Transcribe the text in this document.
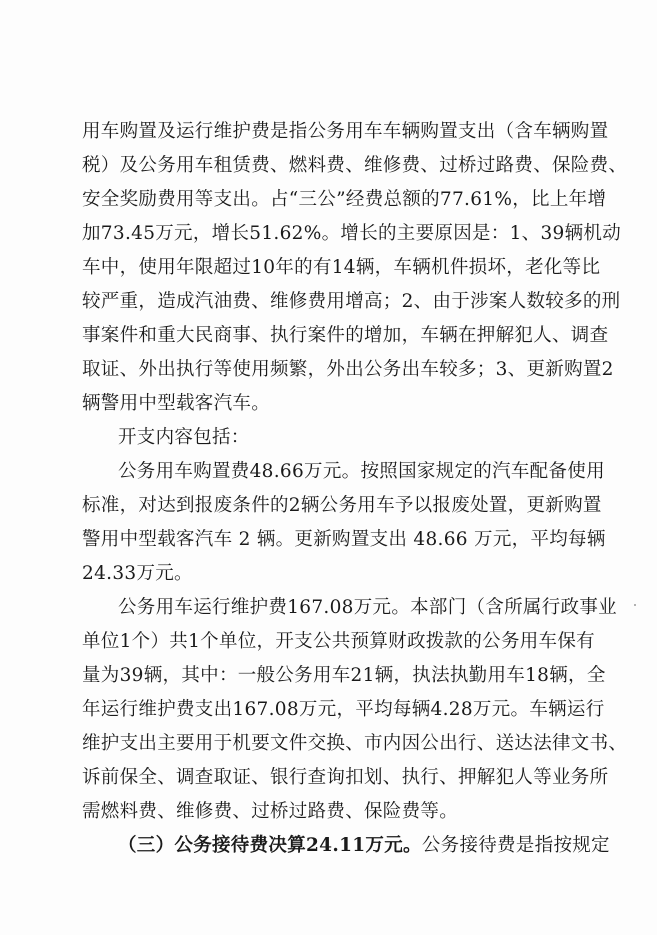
用车购置及运行维护费是指公务用车车辆购置支出（含车辆购置
税）及公务用车租赁费、燃料费、维修费、过桥过路费、保险费、
安全奖励费用等支出。占“三公”经费总额的77.61%，比上年增
加73.45万元，增长51.62%。增长的主要原因是：1、39辆机动
车中，使用年限超过10年的有14辆，车辆机件损坏，老化等比
较严重，造成汽油费、维修费用增高；2、由于涉案人数较多的刑
事案件和重大民商事、执行案件的增加，车辆在押解犯人、调查
取证、外出执行等使用频繁，外出公务出车较多；3、更新购置2
辆警用中型载客汽车。
开支内容包括：
公务用车购置费48.66万元。按照国家规定的汽车配备使用
标准，对达到报废条件的2辆公务用车予以报废处置，更新购置
警用中型载客汽车 2 辆。更新购置支出 48.66 万元，平均每辆
24.33万元。
公务用车运行维护费167.08万元。本部门（含所属行政事业
单位1个）共1个单位，开支公共预算财政拨款的公务用车保有
量为39辆，其中：一般公务用车21辆，执法执勤用车18辆，全
年运行维护费支出167.08万元，平均每辆4.28万元。车辆运行
维护支出主要用于机要文件交换、市内因公出行、送达法律文书、
诉前保全、调查取证、银行查询扣划、执行、押解犯人等业务所
需燃料费、维修费、过桥过路费、保险费等。
（三）公务接待费决算24.11万元。公务接待费是指按规定
